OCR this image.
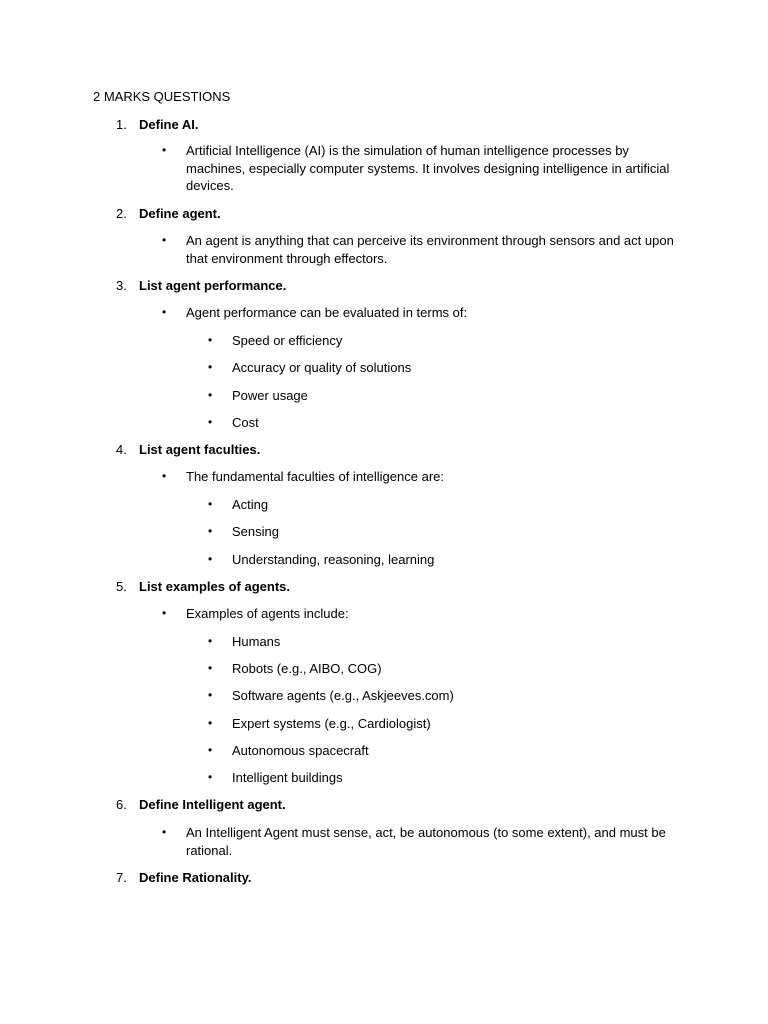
2 MARKS QUESTIONS
1. Define AI.
• Artificial Intelligence (AI) is the simulation of human intelligence processes by machines, especially computer systems. It involves designing intelligence in artificial devices.
2. Define agent.
• An agent is anything that can perceive its environment through sensors and act upon that environment through effectors.
3. List agent performance.
• Agent performance can be evaluated in terms of:
• Speed or efficiency
• Accuracy or quality of solutions
• Power usage
• Cost
4. List agent faculties.
• The fundamental faculties of intelligence are:
• Acting
• Sensing
• Understanding, reasoning, learning
5. List examples of agents.
• Examples of agents include:
• Humans
• Robots (e.g., AIBO, COG)
• Software agents (e.g., Askjeeves.com)
• Expert systems (e.g., Cardiologist)
• Autonomous spacecraft
• Intelligent buildings
6. Define Intelligent agent.
• An Intelligent Agent must sense, act, be autonomous (to some extent), and must be rational.
7. Define Rationality.
